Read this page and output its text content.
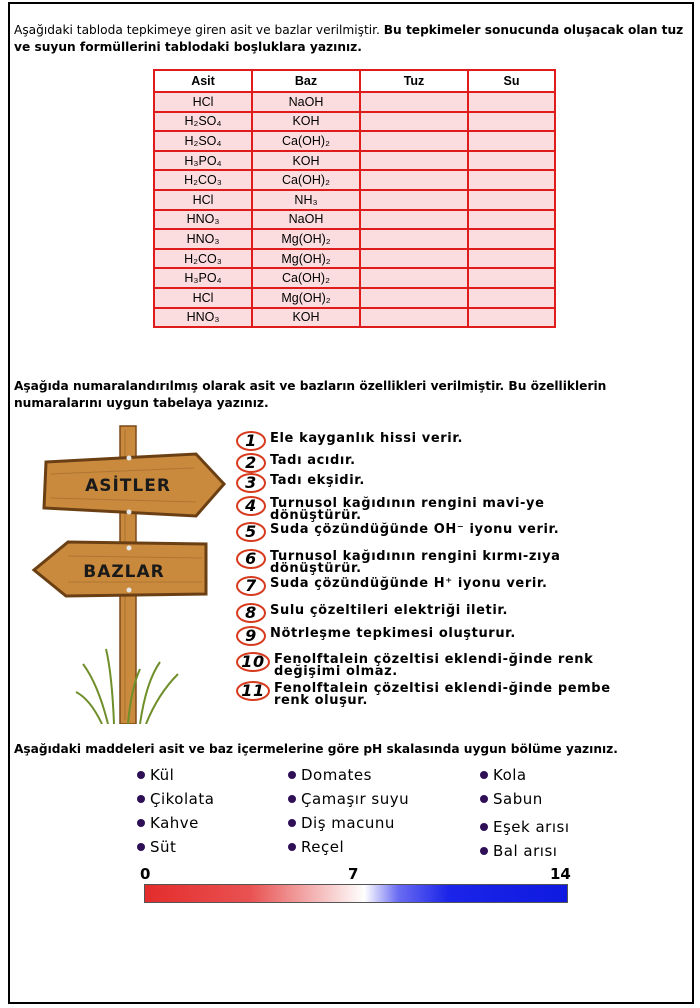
Aşağıdaki tabloda tepkimeye giren asit ve bazlar verilmiştir. Bu tepkimeler sonucunda oluşacak olan tuz ve suyun formüllerini tablodaki boşluklara yazınız.

Asit	Baz	Tuz	Su
HCl	NaOH		
H₂SO₄	KOH		
H₂SO₄	Ca(OH)₂		
H₃PO₄	KOH		
H₂CO₃	Ca(OH)₂		
HCl	NH₃		
HNO₃	NaOH		
HNO₃	Mg(OH)₂		
H₂CO₃	Mg(OH)₂		
H₃PO₄	Ca(OH)₂		
HCl	Mg(OH)₂		
HNO₃	KOH		

Aşağıda numaralandırılmış olarak asit ve bazların özellikleri verilmiştir. Bu özelliklerin numaralarını uygun tabelaya yazınız.

ASİTLER
BAZLAR
1	Ele kayganlık hissi verir.
2	Tadı acıdır.
3	Tadı ekşidir.
4	Turnusol kağıdının rengini mavi-ye dönüştürür.
5	Suda çözündüğünde OH⁻ iyonu verir.
6	Turnusol kağıdının rengini kırmı-zıya dönüştürür.
7	Suda çözündüğünde H⁺ iyonu verir.
8	Sulu çözeltileri elektriği iletir.
9	Nötrleşme tepkimesi oluşturur.
10 Fenolftalein çözeltisi eklendi-ğinde renk değişimi olmaz.
11 Fenolftalein çözeltisi eklendi-ğinde pembe renk oluşur.

Aşağıdaki maddeleri asit ve baz içermelerine göre pH skalasında uygun bölüme yazınız.

Kül
Çikolata
Kahve
Süt
Domates
Çamaşır suyu
Diş macunu
Reçel
Kola
Sabun
Eşek arısı
Bal arısı
0	7	14
